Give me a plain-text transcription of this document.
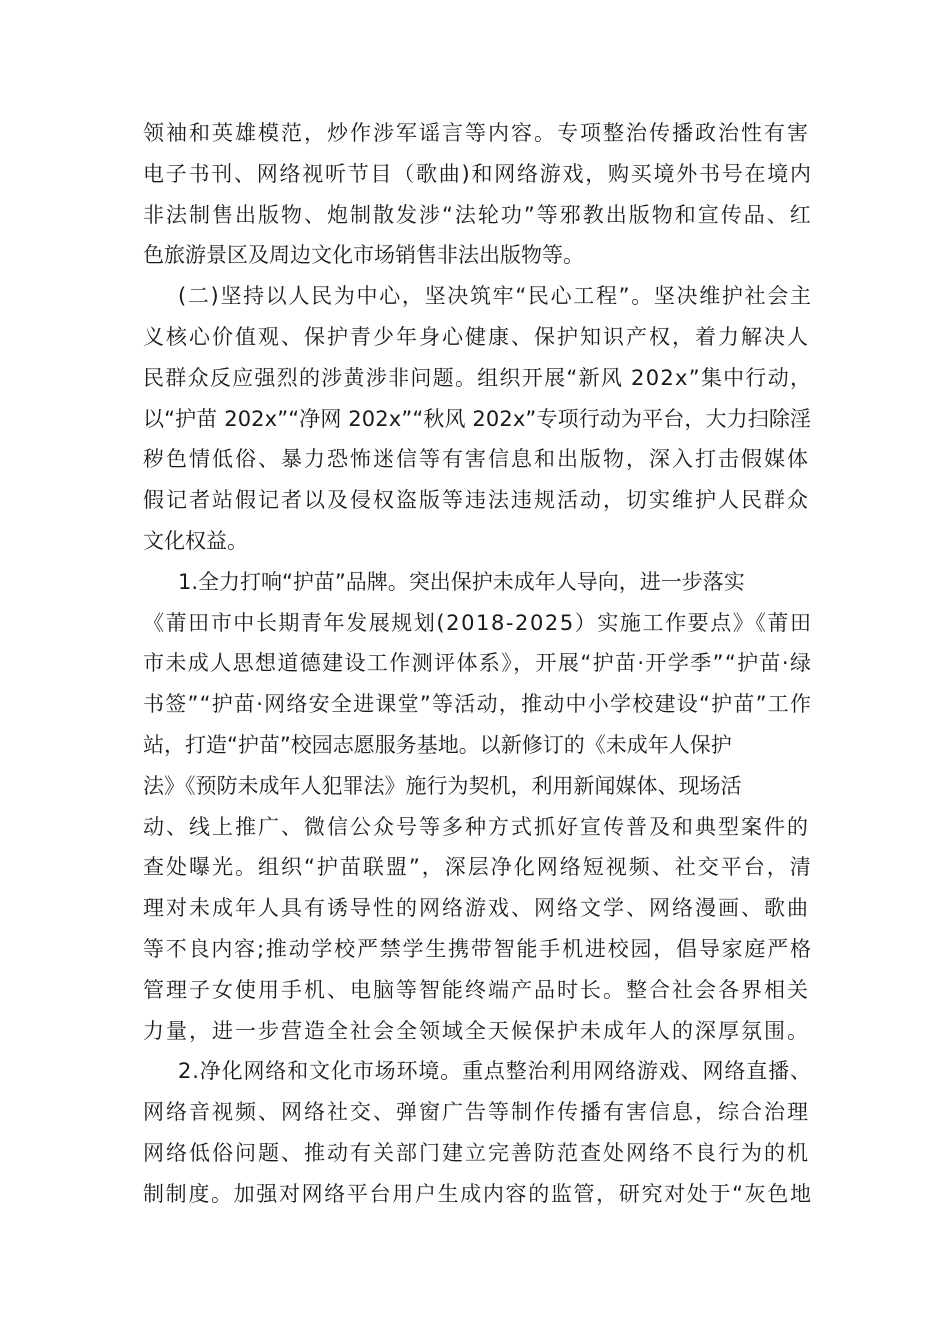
领袖和英雄模范，炒作涉军谣言等内容。专项整治传播政治性有害
电子书刊、网络视听节目（歌曲)和网络游戏，购买境外书号在境内
非法制售出版物、炮制散发涉“法轮功”等邪教出版物和宣传品、红
色旅游景区及周边文化市场销售非法出版物等。
(二)坚持以人民为中心，坚决筑牢“民心工程”。坚决维护社会主
义核心价值观、保护青少年身心健康、保护知识产权，着力解决人
民群众反应强烈的涉黄涉非问题。组织开展“新风 202x”集中行动，
以“护苗 202x”“净网 202x”“秋风 202x”专项行动为平台，大力扫除淫
秽色情低俗、暴力恐怖迷信等有害信息和出版物，深入打击假媒体
假记者站假记者以及侵权盗版等违法违规活动，切实维护人民群众
文化权益。
1.全力打响“护苗”品牌。突出保护未成年人导向，进一步落实
《莆田市中长期青年发展规划(2018-2025）实施工作要点》《莆田
市未成人思想道德建设工作测评体系》，开展“护苗·开学季”“护苗·绿
书签”“护苗·网络安全进课堂”等活动，推动中小学校建设“护苗”工作
站，打造“护苗”校园志愿服务基地。以新修订的《未成年人保护
法》《预防未成年人犯罪法》施行为契机，利用新闻媒体、现场活
动、线上推广、微信公众号等多种方式抓好宣传普及和典型案件的
查处曝光。组织“护苗联盟”，深层净化网络短视频、社交平台，清
理对未成年人具有诱导性的网络游戏、网络文学、网络漫画、歌曲
等不良内容;推动学校严禁学生携带智能手机进校园，倡导家庭严格
管理子女使用手机、电脑等智能终端产品时长。整合社会各界相关
力量，进一步营造全社会全领域全天候保护未成年人的深厚氛围。
2.净化网络和文化市场环境。重点整治利用网络游戏、网络直播、
网络音视频、网络社交、弹窗广告等制作传播有害信息，综合治理
网络低俗问题、推动有关部门建立完善防范查处网络不良行为的机
制制度。加强对网络平台用户生成内容的监管，研究对处于“灰色地
